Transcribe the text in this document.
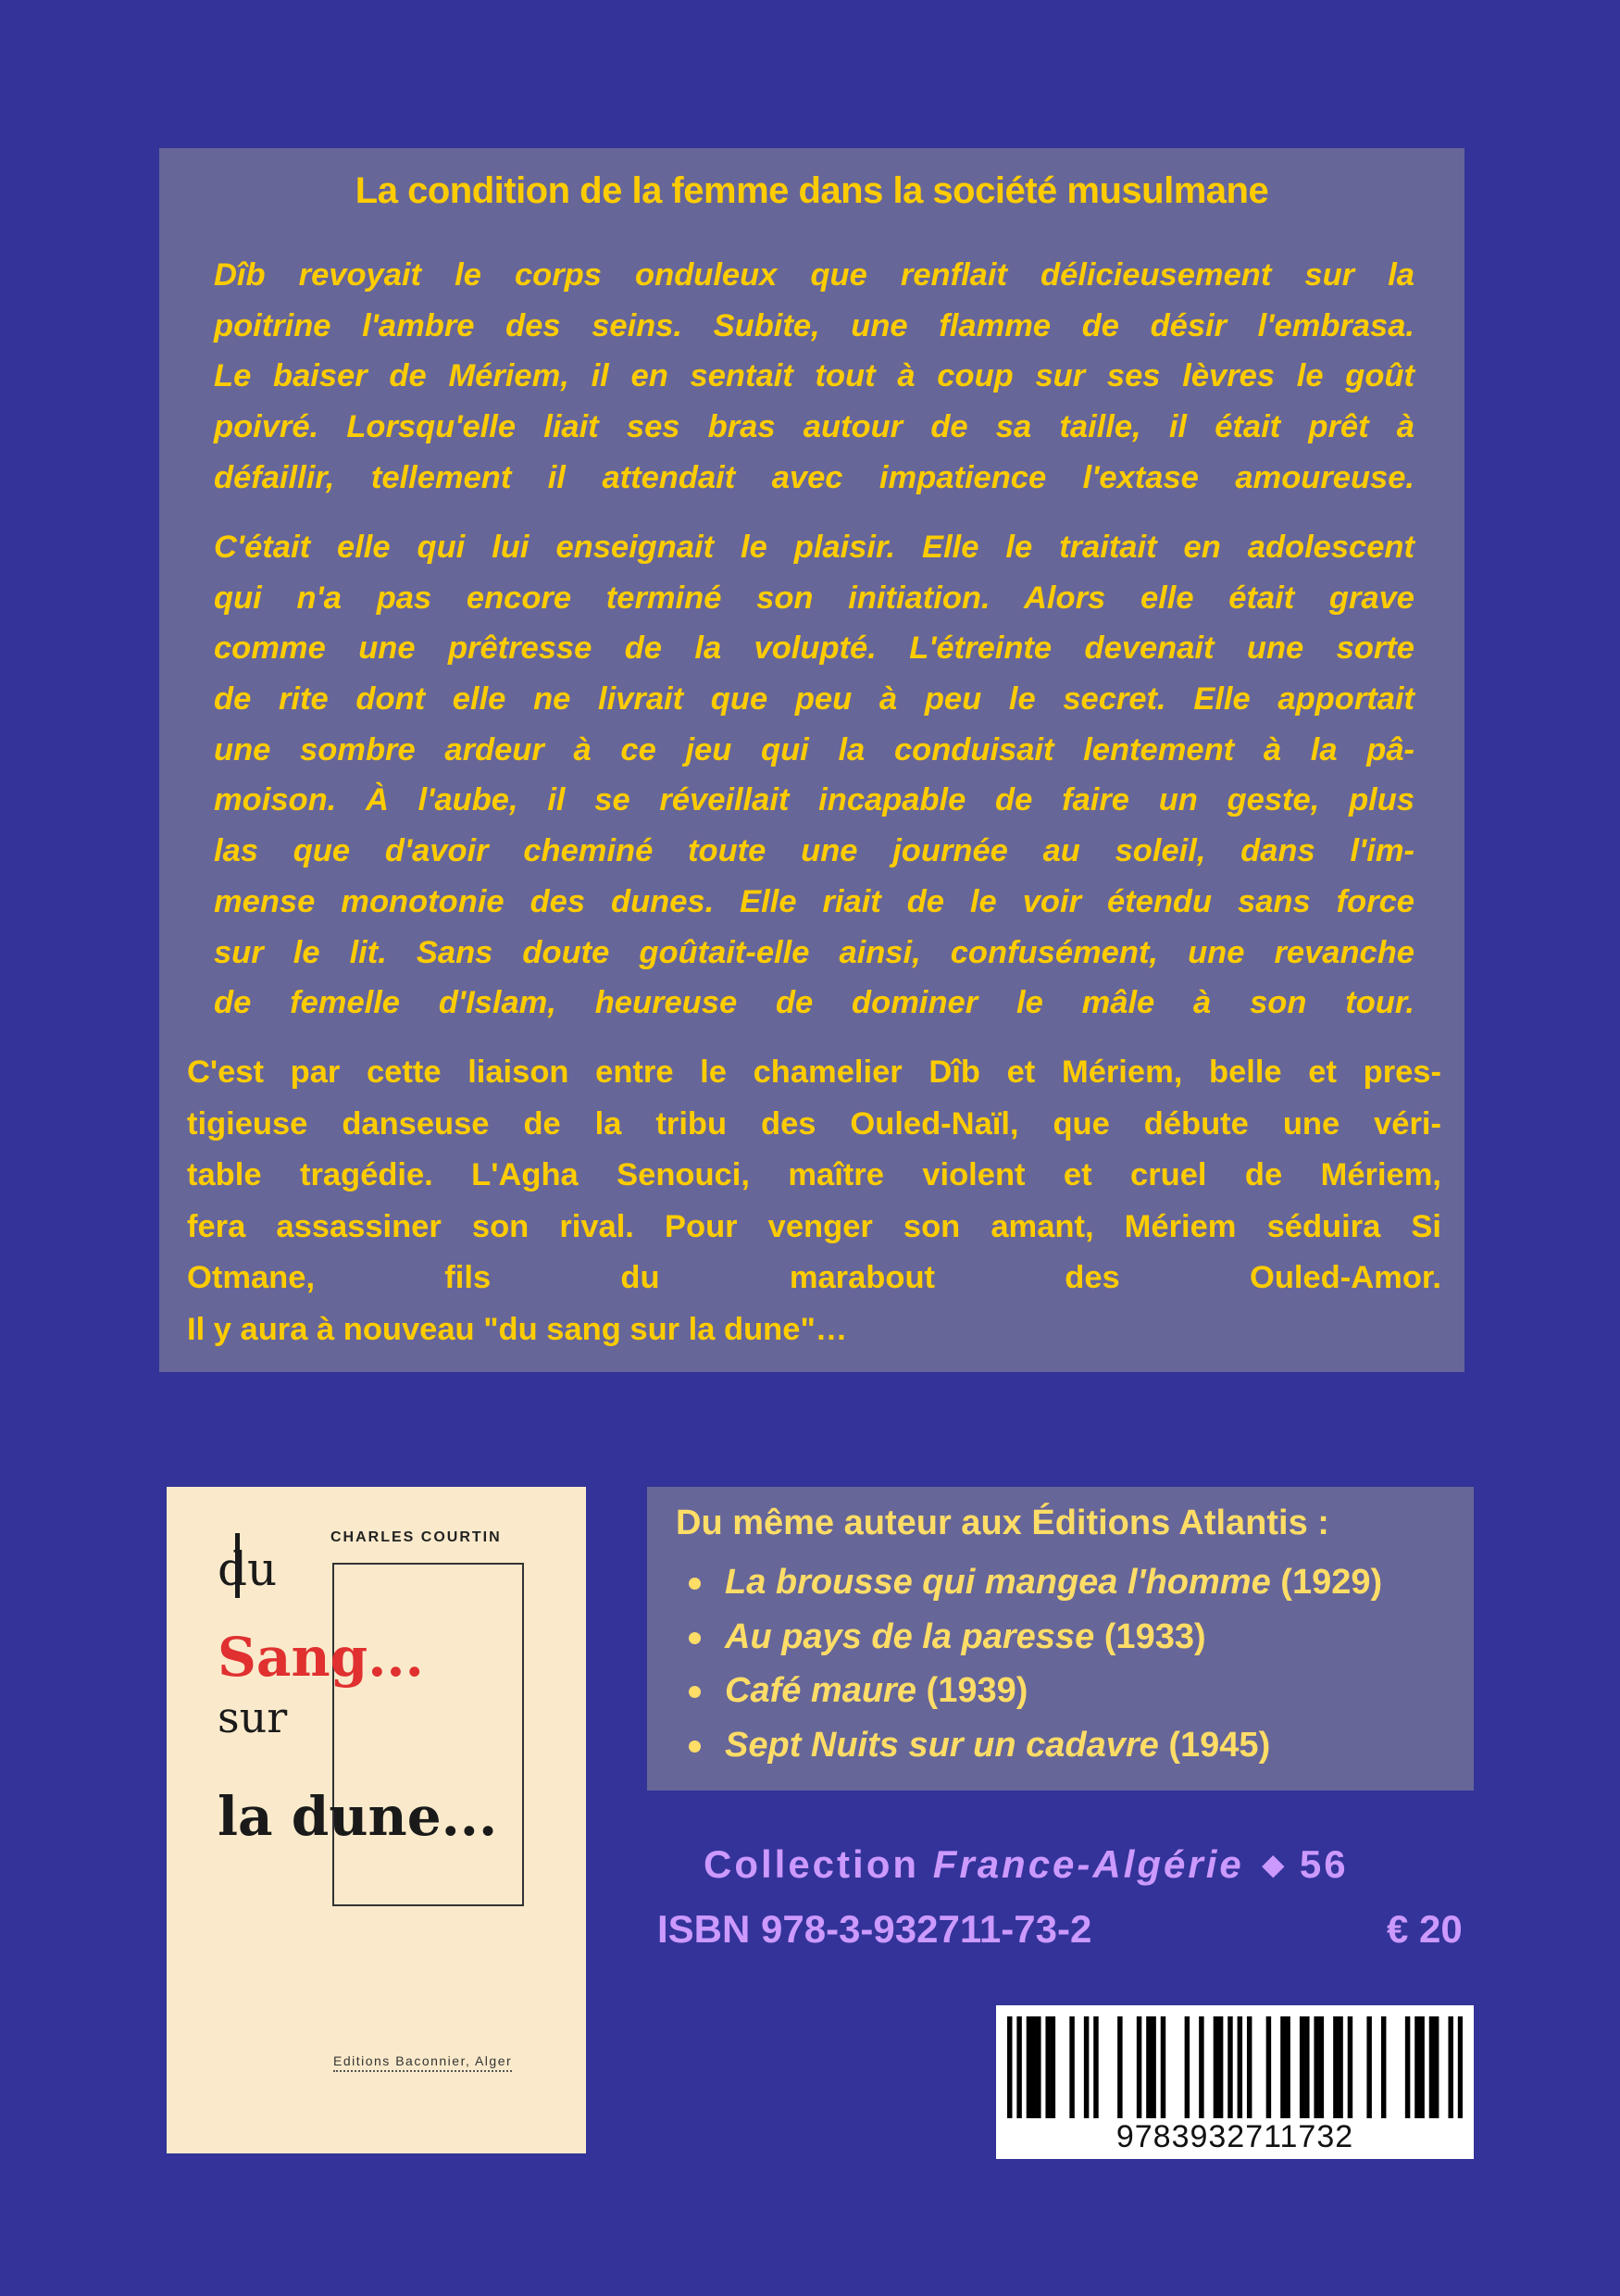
La condition de la femme dans la société musulmane
Dîb revoyait le corps onduleux que renflait délicieusement sur la
poitrine l'ambre des seins. Subite, une flamme de désir l'embrasa.
Le baiser de Mériem, il en sentait tout à coup sur ses lèvres le goût
poivré. Lorsqu'elle liait ses bras autour de sa taille, il était prêt à
défaillir, tellement il attendait avec impatience l'extase amoureuse.
C'était elle qui lui enseignait le plaisir. Elle le traitait en adolescent
qui n'a pas encore terminé son initiation. Alors elle était grave
comme une prêtresse de la volupté. L'étreinte devenait une sorte
de rite dont elle ne livrait que peu à peu le secret. Elle apportait
une sombre ardeur à ce jeu qui la conduisait lentement à la pâ-
moison. À l'aube, il se réveillait incapable de faire un geste, plus
las que d'avoir cheminé toute une journée au soleil, dans l'im-
mense monotonie des dunes. Elle riait de le voir étendu sans force
sur le lit. Sans doute goûtait-elle ainsi, confusément, une revanche
de femelle d'Islam, heureuse de dominer le mâle à son tour.
C'est par cette liaison entre le chamelier Dîb et Mériem, belle et pres-
tigieuse danseuse de la tribu des Ouled-Naïl, que débute une véri-
table tragédie. L'Agha Senouci, maître violent et cruel de Mériem,
fera assassiner son rival. Pour venger son amant, Mériem séduira Si
Otmane, fils du marabout des Ouled-Amor.
Il y aura à nouveau "du sang sur la dune"…
CHARLES COURTIN
du
Sang...
sur
la dune...
Editions Baconnier, Alger
Du même auteur aux Éditions Atlantis :
La brousse qui mangea l'homme (1929)
Au pays de la paresse (1933)
Café maure (1939)
Sept Nuits sur un cadavre (1945)
Collection France-Algérie ◆ 56
ISBN 978-3-932711-73-2	€ 20
9783932711732
